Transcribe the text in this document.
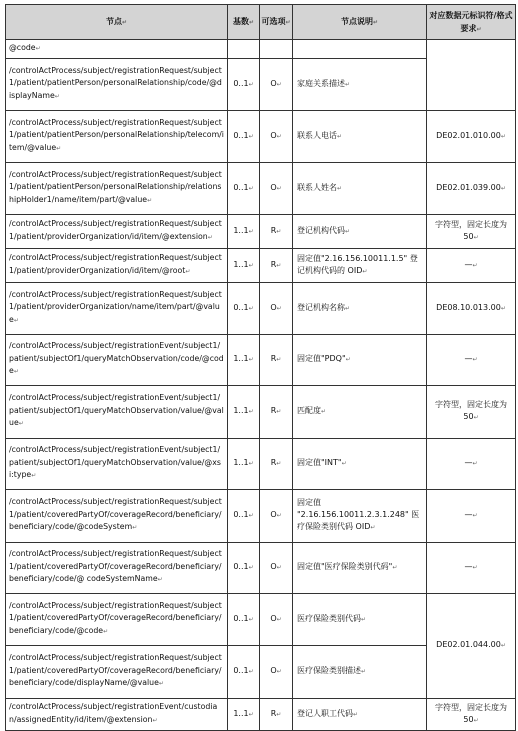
节点↵	基数↵	可选项↵	节点说明↵	对应数据元标识符/格式要求↵
@code↵				
/controlActProcess/subject/registrationRequest/subject1/patient/patientPerson/personalRelationship/code/@displayName↵	0..1↵	O↵	家庭关系描述↵	
/controlActProcess/subject/registrationRequest/subject1/patient/patientPerson/personalRelationship/telecom/item/@value↵	0..1↵	O↵	联系人电话↵	DE02.01.010.00↵
/controlActProcess/subject/registrationRequest/subject1/patient/patientPerson/personalRelationship/relationshipHolder1/name/item/part/@value↵	0..1↵	O↵	联系人姓名↵	DE02.01.039.00↵
/controlActProcess/subject/registrationRequest/subject1/patient/providerOrganization/id/item/@extension↵	1..1↵	R↵	登记机构代码↵	字符型，固定长度为 50↵
/controlActProcess/subject/registrationRequest/subject1/patient/providerOrganization/id/item/@root↵	1..1↵	R↵	固定值"2.16.156.10011.1.5" 登记机构代码的 OID↵	—↵
/controlActProcess/subject/registrationRequest/subject1/patient/providerOrganization/name/item/part/@value↵	0..1↵	O↵	登记机构名称↵	DE08.10.013.00↵
/controlActProcess/subject/registrationEvent/subject1/patient/subjectOf1/queryMatchObservation/code/@code↵	1..1↵	R↵	固定值"PDQ"↵	—↵
/controlActProcess/subject/registrationEvent/subject1/patient/subjectOf1/queryMatchObservation/value/@value↵	1..1↵	R↵	匹配度↵	字符型，固定长度为 50↵
/controlActProcess/subject/registrationEvent/subject1/patient/subjectOf1/queryMatchObservation/value/@xsi:type↵	1..1↵	R↵	固定值"INT"↵	—↵
/controlActProcess/subject/registrationRequest/subject1/patient/coveredPartyOf/coverageRecord/beneficiary/beneficiary/code/@codeSystem↵	0..1↵	O↵	固定值 "2.16.156.10011.2.3.1.248" 医疗保险类别代码 OID↵	—↵
/controlActProcess/subject/registrationRequest/subject1/patient/coveredPartyOf/coverageRecord/beneficiary/beneficiary/code/@ codeSystemName↵	0..1↵	O↵	固定值"医疗保险类别代码"↵	—↵
/controlActProcess/subject/registrationRequest/subject1/patient/coveredPartyOf/coverageRecord/beneficiary/beneficiary/code/@code↵	0..1↵	O↵	医疗保险类别代码↵	DE02.01.044.00↵
/controlActProcess/subject/registrationRequest/subject1/patient/coveredPartyOf/coverageRecord/beneficiary/beneficiary/code/displayName/@value↵	0..1↵	O↵	医疗保险类别描述↵	
/controlActProcess/subject/registrationEvent/custodian/assignedEntity/id/item/@extension↵	1..1↵	R↵	登记人职工代码↵	字符型，固定长度为 50↵
